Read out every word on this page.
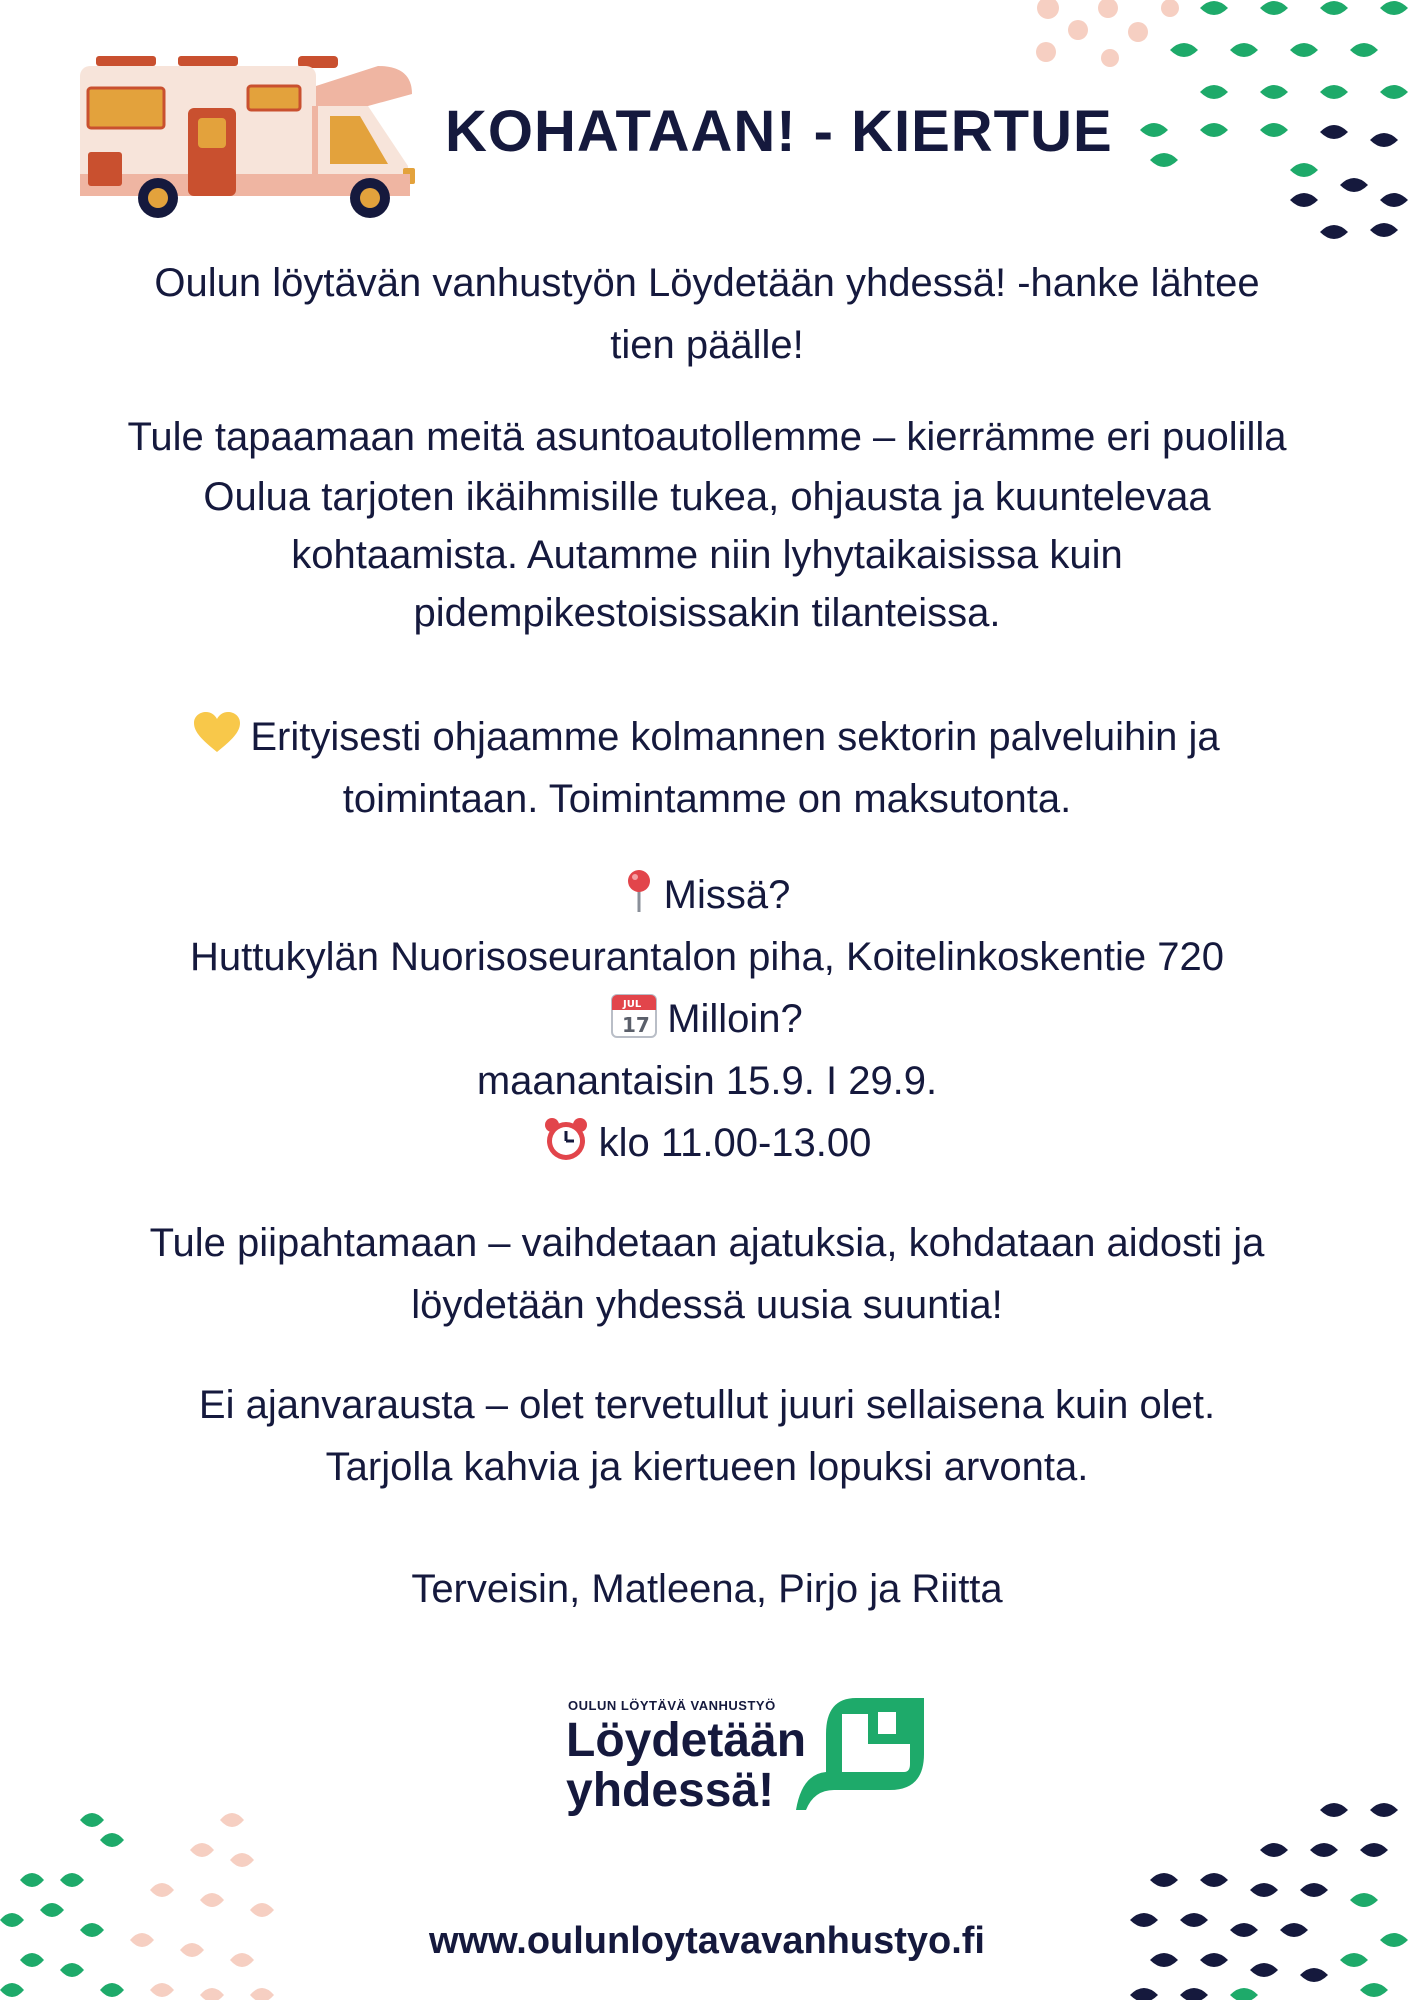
KOHATAAN! - KIERTUE

Oulun löytävän vanhustyön Löydetään yhdessä! -hanke lähtee

tien päälle!

Tule tapaamaan meitä asuntoautollemme – kierrämme eri puolilla

Oulua tarjoten ikäihmisille tukea, ohjausta ja kuuntelevaa

kohtaamista. Autamme niin lyhytaikaisissa kuin

pidempikestoisissakin tilanteissa.

Erityisesti ohjaamme kolmannen sektorin palveluihin ja

toimintaan. Toimintamme on maksutonta.

Missä?

Huttukylän Nuorisoseurantalon piha, Koitelinkoskentie 720

JUL
17 Milloin?

maanantaisin 15.9. I 29.9.

klo 11.00-13.00

Tule piipahtamaan – vaihdetaan ajatuksia, kohdataan aidosti ja

löydetään yhdessä uusia suuntia!

Ei ajanvarausta – olet tervetullut juuri sellaisena kuin olet.

Tarjolla kahvia ja kiertueen lopuksi arvonta.

Terveisin, Matleena, Pirjo ja Riitta

OULUN LÖYTÄVÄ VANHUSTYÖ
Löydetään
yhdessä!
www.oulunloytavavanhustyo.fi
